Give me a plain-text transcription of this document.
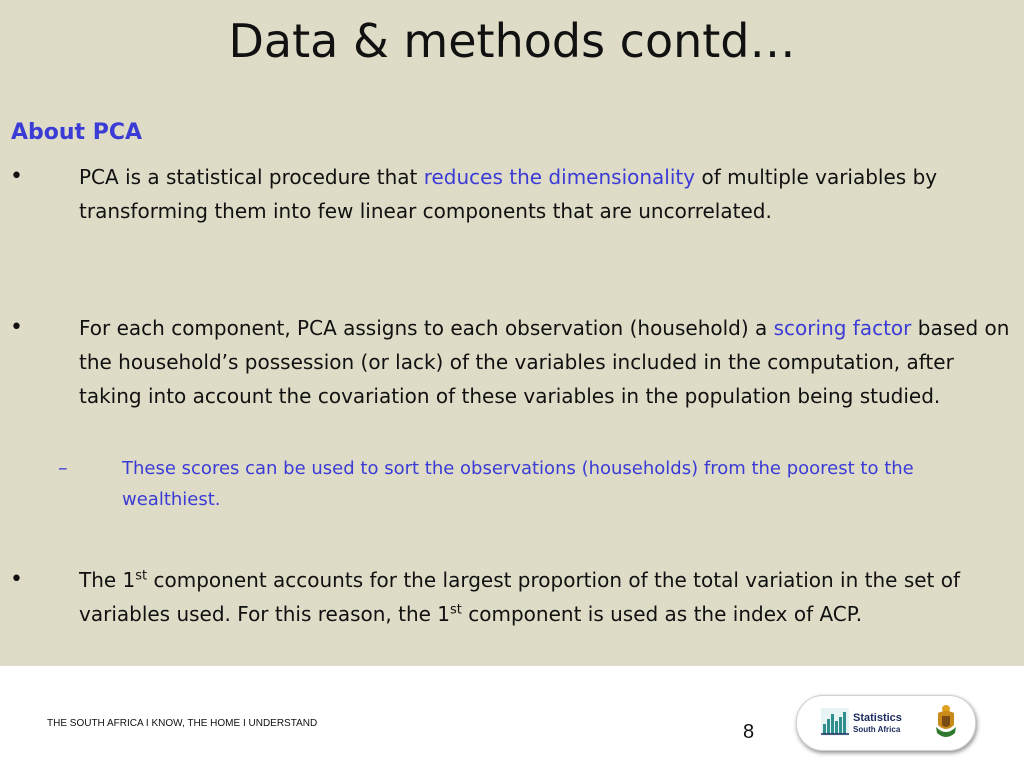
Data & methods contd…
About PCA
•	PCA is a statistical procedure that reduces the dimensionality of multiple variables by transforming them into few linear components that are uncorrelated.
•	For each component, PCA assigns to each observation (household) a scoring factor based on the household’s possession (or lack) of the variables included in the computation, after taking into account the covariation of these variables in the population being studied.
–	These scores can be used to sort the observations (households) from the poorest to the wealthiest.
•	The 1st component accounts for the largest proportion of the total variation in the set of variables used. For this reason, the 1st component is used as the index of ACP.
THE SOUTH AFRICA I KNOW, THE HOME I UNDERSTAND	8
Statistics
South Africa
